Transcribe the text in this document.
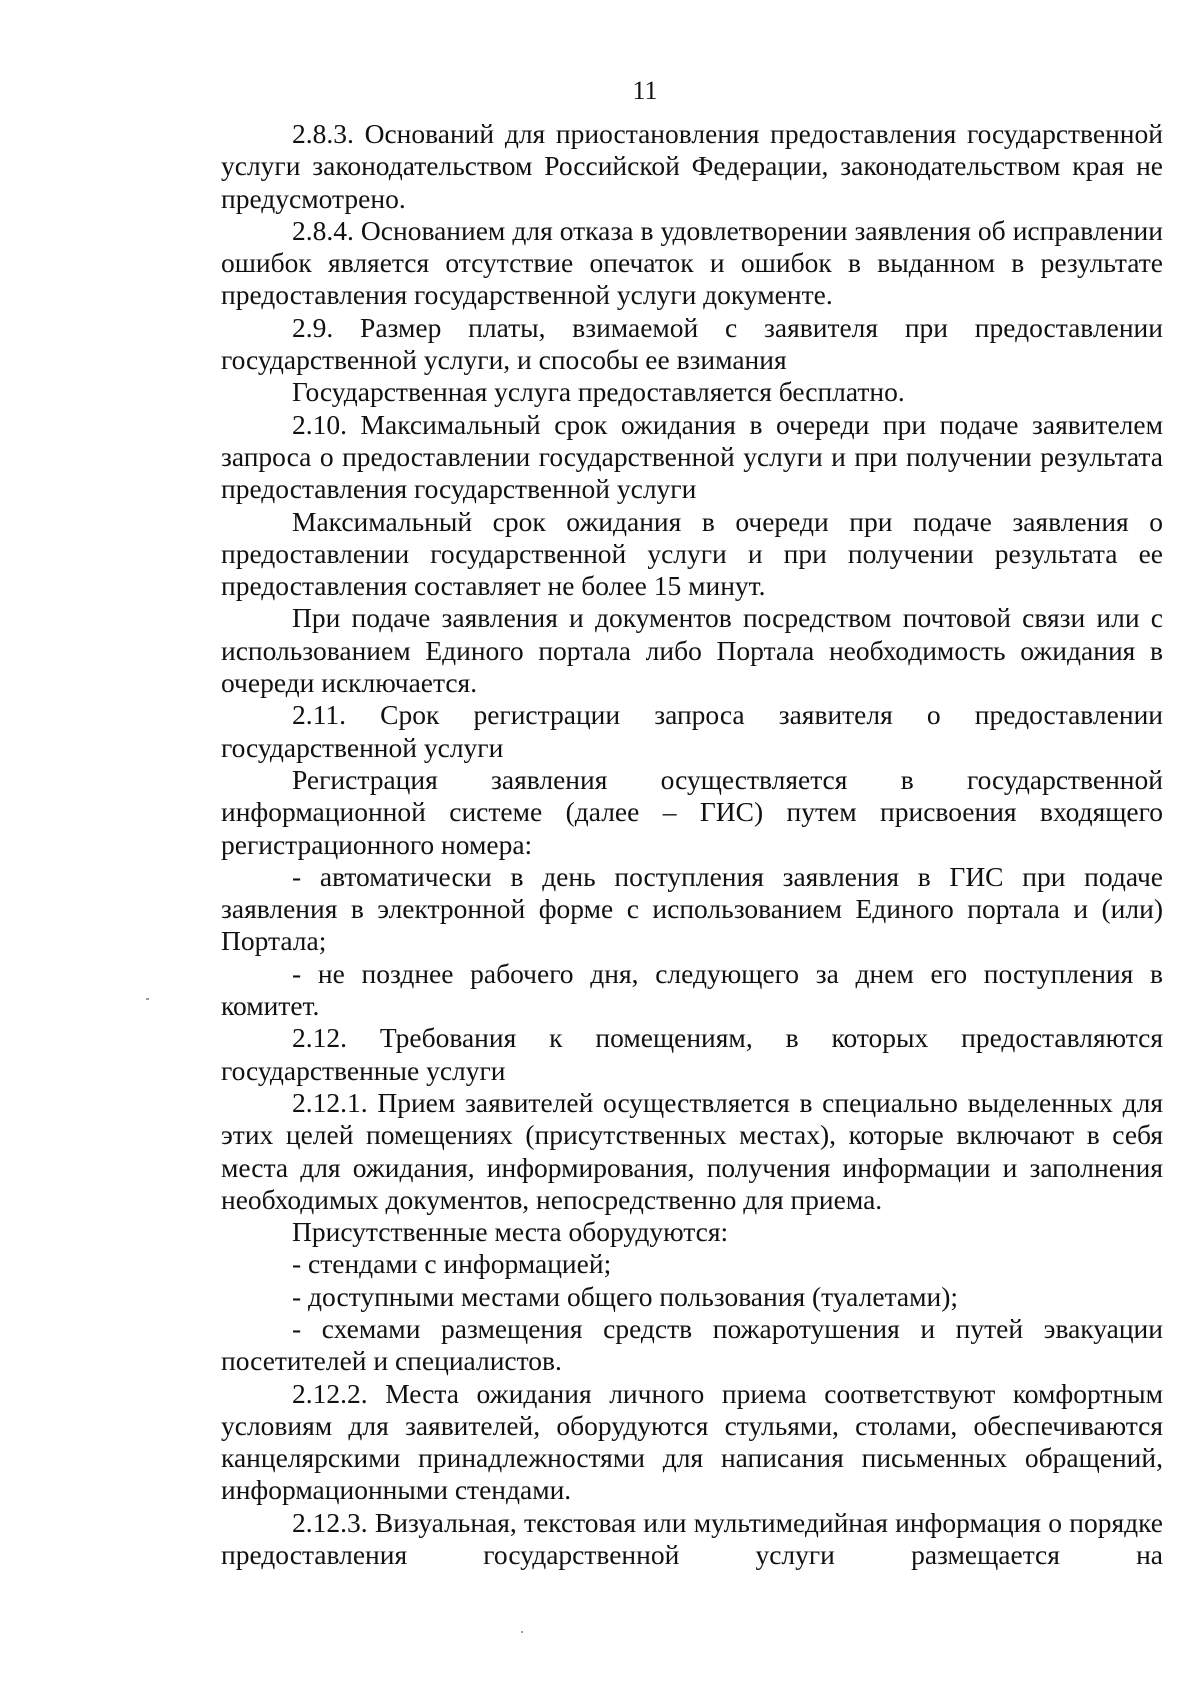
11

2.8.3. Оснований для приостановления предоставления государственной услуги законодательством Российской Федерации, законодательством края не предусмотрено.

2.8.4. Основанием для отказа в удовлетворении заявления об исправлении ошибок является отсутствие опечаток и ошибок в выданном в результате предоставления государственной услуги документе.

2.9. Размер платы, взимаемой с заявителя при предоставлении государственной услуги, и способы ее взимания

Государственная услуга предоставляется бесплатно.

2.10. Максимальный срок ожидания в очереди при подаче заявителем запроса о предоставлении государственной услуги и при получении результата предоставления государственной услуги

Максимальный срок ожидания в очереди при подаче заявления о предоставлении государственной услуги и при получении результата ее предоставления составляет не более 15 минут.

При подаче заявления и документов посредством почтовой связи или с использованием Единого портала либо Портала необходимость ожидания в очереди исключается.

2.11. Срок регистрации запроса заявителя о предоставлении государственной услуги

Регистрация заявления осуществляется в государственной информационной системе (далее – ГИС) путем присвоения входящего регистрационного номера:

- автоматически в день поступления заявления в ГИС при подаче заявления в электронной форме с использованием Единого портала и (или) Портала;

- не позднее рабочего дня, следующего за днем его поступления в комитет.

2.12. Требования к помещениям, в которых предоставляются государственные услуги

2.12.1. Прием заявителей осуществляется в специально выделенных для этих целей помещениях (присутственных местах), которые включают в себя места для ожидания, информирования, получения информации и заполнения необходимых документов, непосредственно для приема.

Присутственные места оборудуются:

- стендами с информацией;

- доступными местами общего пользования (туалетами);

- схемами размещения средств пожаротушения и путей эвакуации посетителей и специалистов.

2.12.2. Места ожидания личного приема соответствуют комфортным условиям для заявителей, оборудуются стульями, столами, обеспечиваются канцелярскими принадлежностями для написания письменных обращений, информационными стендами.

2.12.3. Визуальная, текстовая или мультимедийная информация о порядке предоставления государственной услуги размещается на
